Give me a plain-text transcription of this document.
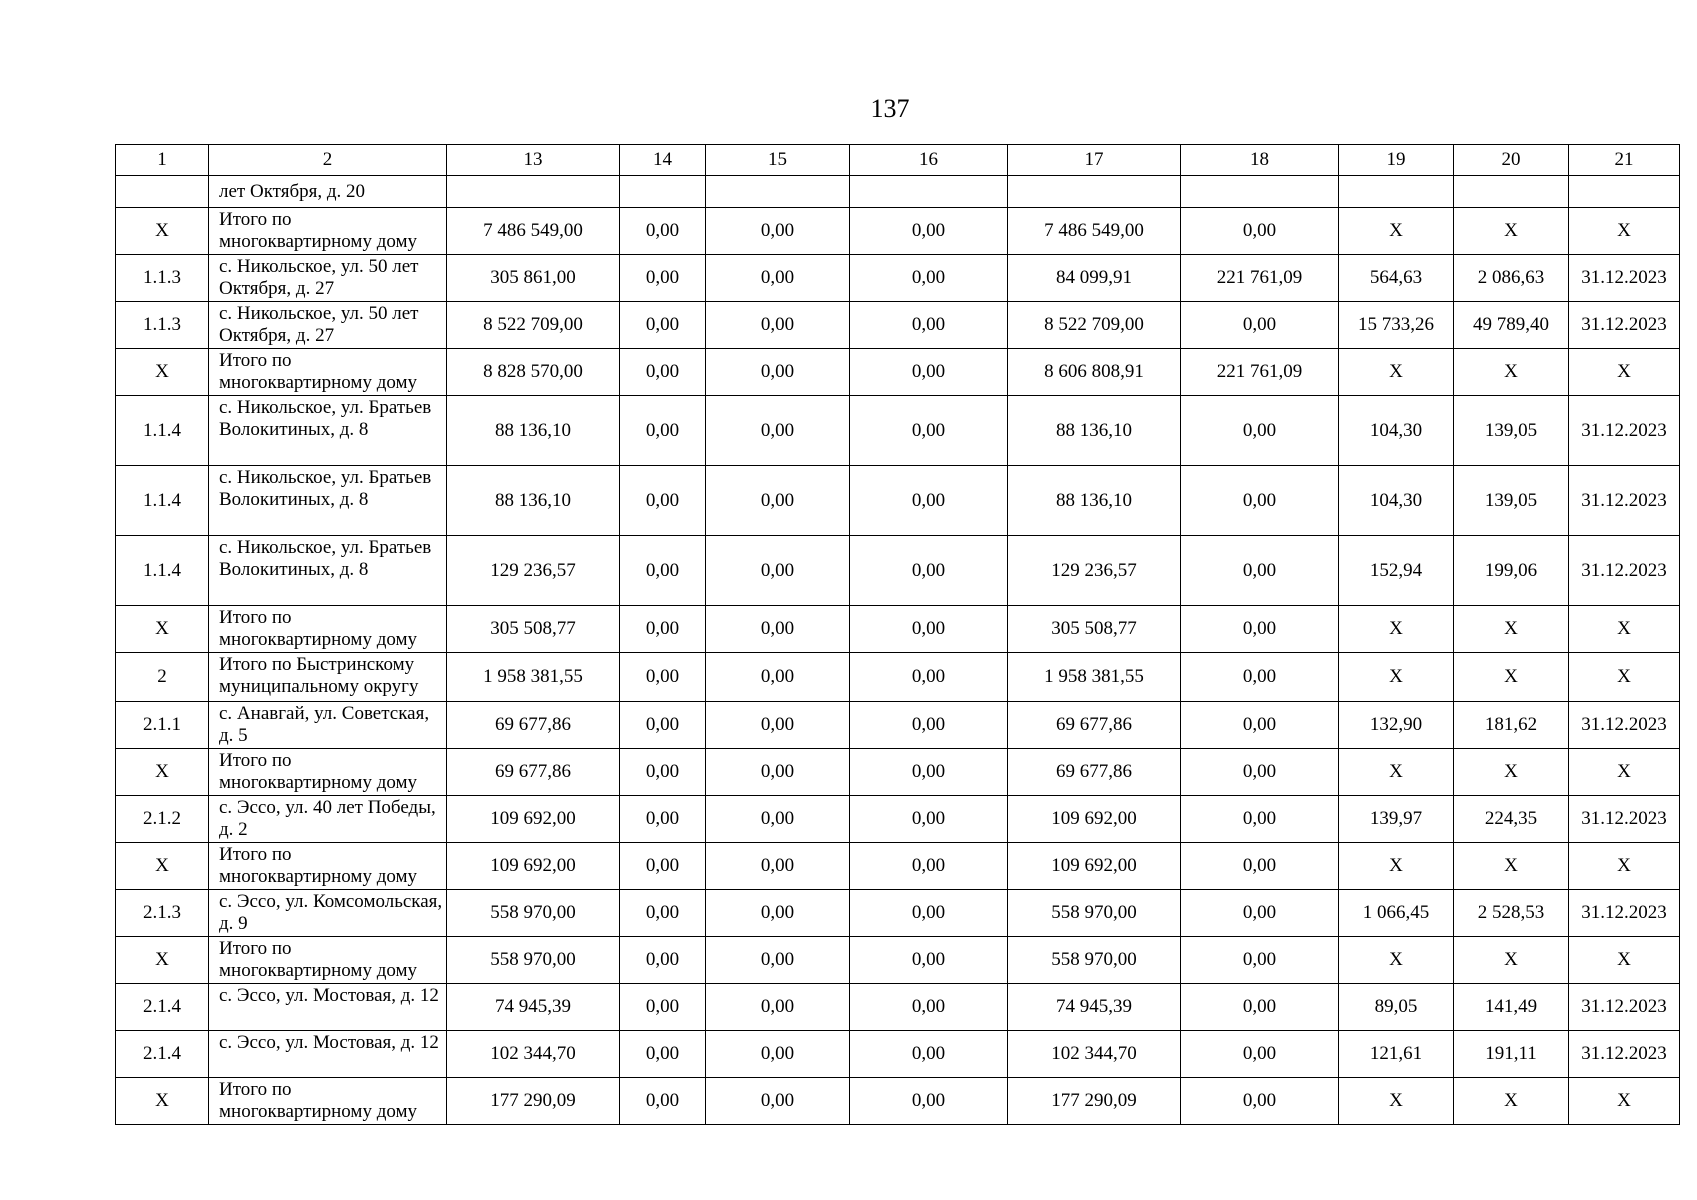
137
1	2	13	14	15	16	17	18	19	20	21
	лет Октября, д. 20									
X	Итого по многоквартирному дому	7 486 549,00	0,00	0,00	0,00	7 486 549,00	0,00	X	X	X
1.1.3	с. Никольское, ул. 50 лет Октября, д. 27	305 861,00	0,00	0,00	0,00	84 099,91	221 761,09	564,63	2 086,63	31.12.2023
1.1.3	с. Никольское, ул. 50 лет Октября, д. 27	8 522 709,00	0,00	0,00	0,00	8 522 709,00	0,00	15 733,26	49 789,40	31.12.2023
X	Итого по многоквартирному дому	8 828 570,00	0,00	0,00	0,00	8 606 808,91	221 761,09	X	X	X
1.1.4	с. Никольское, ул. Братьев Волокитиных, д. 8	88 136,10	0,00	0,00	0,00	88 136,10	0,00	104,30	139,05	31.12.2023
1.1.4	с. Никольское, ул. Братьев Волокитиных, д. 8	88 136,10	0,00	0,00	0,00	88 136,10	0,00	104,30	139,05	31.12.2023
1.1.4	с. Никольское, ул. Братьев Волокитиных, д. 8	129 236,57	0,00	0,00	0,00	129 236,57	0,00	152,94	199,06	31.12.2023
X	Итого по многоквартирному дому	305 508,77	0,00	0,00	0,00	305 508,77	0,00	X	X	X
2	Итого по Быстринскому муниципальному округу	1 958 381,55	0,00	0,00	0,00	1 958 381,55	0,00	X	X	X
2.1.1	с. Анавгай, ул. Советская, д. 5	69 677,86	0,00	0,00	0,00	69 677,86	0,00	132,90	181,62	31.12.2023
X	Итого по многоквартирному дому	69 677,86	0,00	0,00	0,00	69 677,86	0,00	X	X	X
2.1.2	с. Эссо, ул. 40 лет Победы, д. 2	109 692,00	0,00	0,00	0,00	109 692,00	0,00	139,97	224,35	31.12.2023
X	Итого по многоквартирному дому	109 692,00	0,00	0,00	0,00	109 692,00	0,00	X	X	X
2.1.3	с. Эссо, ул. Комсомольская, д. 9	558 970,00	0,00	0,00	0,00	558 970,00	0,00	1 066,45	2 528,53	31.12.2023
X	Итого по многоквартирному дому	558 970,00	0,00	0,00	0,00	558 970,00	0,00	X	X	X
2.1.4	с. Эссо, ул. Мостовая, д. 12	74 945,39	0,00	0,00	0,00	74 945,39	0,00	89,05	141,49	31.12.2023
2.1.4	с. Эссо, ул. Мостовая, д. 12	102 344,70	0,00	0,00	0,00	102 344,70	0,00	121,61	191,11	31.12.2023
X	Итого по многоквартирному дому	177 290,09	0,00	0,00	0,00	177 290,09	0,00	X	X	X
